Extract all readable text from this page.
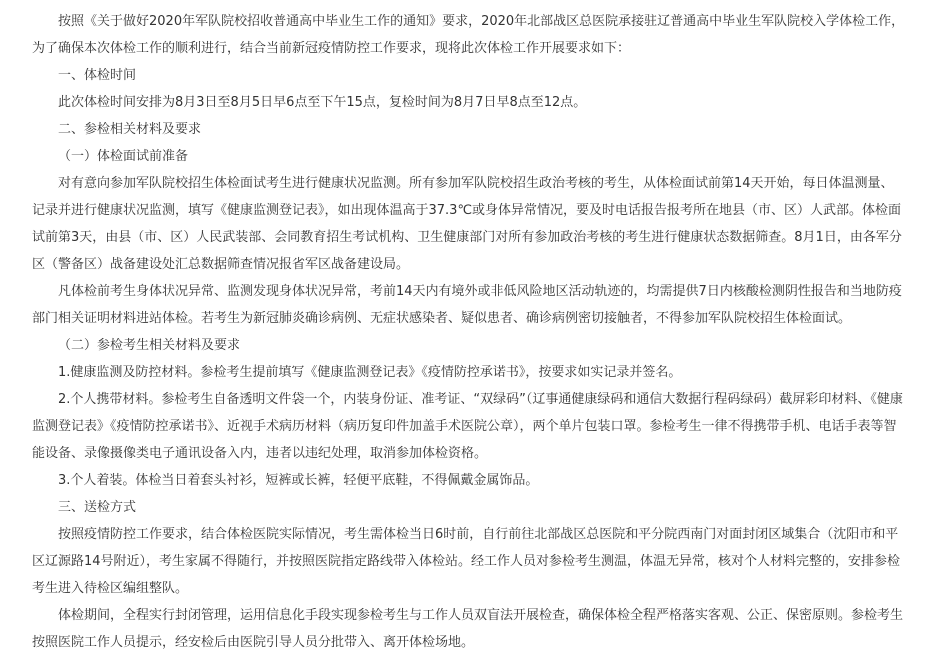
按照《关于做好2020年军队院校招收普通高中毕业生工作的通知》要求，2020年北部战区总医院承接驻辽普通高中毕业生军队院校入学体检工作，为了确保本次体检工作的顺利进行，结合当前新冠疫情防控工作要求，现将此次体检工作开展要求如下：

一、体检时间

此次体检时间安排为8月3日至8月5日早6点至下午15点，复检时间为8月7日早8点至12点。

二、参检相关材料及要求

（一）体检面试前准备

对有意向参加军队院校招生体检面试考生进行健康状况监测。所有参加军队院校招生政治考核的考生，从体检面试前第14天开始，每日体温测量、记录并进行健康状况监测，填写《健康监测登记表》，如出现体温高于37.3℃或身体异常情况，要及时电话报告报考所在地县（市、区）人武部。体检面试前第3天，由县（市、区）人民武装部、会同教育招生考试机构、卫生健康部门对所有参加政治考核的考生进行健康状态数据筛查。8月1日，由各军分区（警备区）战备建设处汇总数据筛查情况报省军区战备建设局。

凡体检前考生身体状况异常、监测发现身体状况异常，考前14天内有境外或非低风险地区活动轨迹的，均需提供7日内核酸检测阴性报告和当地防疫部门相关证明材料进站体检。若考生为新冠肺炎确诊病例、无症状感染者、疑似患者、确诊病例密切接触者，不得参加军队院校招生体检面试。

（二）参检考生相关材料及要求

1.健康监测及防控材料。参检考生提前填写《健康监测登记表》《疫情防控承诺书》，按要求如实记录并签名。

2.个人携带材料。参检考生自备透明文件袋一个，内装身份证、准考证、“双绿码”（辽事通健康绿码和通信大数据行程码绿码）截屏彩印材料、《健康监测登记表》《疫情防控承诺书》、近视手术病历材料（病历复印件加盖手术医院公章），两个单片包装口罩。参检考生一律不得携带手机、电话手表等智能设备、录像摄像类电子通讯设备入内，违者以违纪处理，取消参加体检资格。

3.个人着装。体检当日着套头衬衫，短裤或长裤，轻便平底鞋，不得佩戴金属饰品。

三、送检方式

按照疫情防控工作要求，结合体检医院实际情况，考生需体检当日6时前，自行前往北部战区总医院和平分院西南门对面封闭区域集合（沈阳市和平区辽源路14号附近），考生家属不得随行，并按照医院指定路线带入体检站。经工作人员对参检考生测温，体温无异常，核对个人材料完整的，安排参检考生进入待检区编组整队。

体检期间，全程实行封闭管理，运用信息化手段实现参检考生与工作人员双盲法开展检查，确保体检全程严格落实客观、公正、保密原则。参检考生按照医院工作人员提示，经安检后由医院引导人员分批带入、离开体检场地。
